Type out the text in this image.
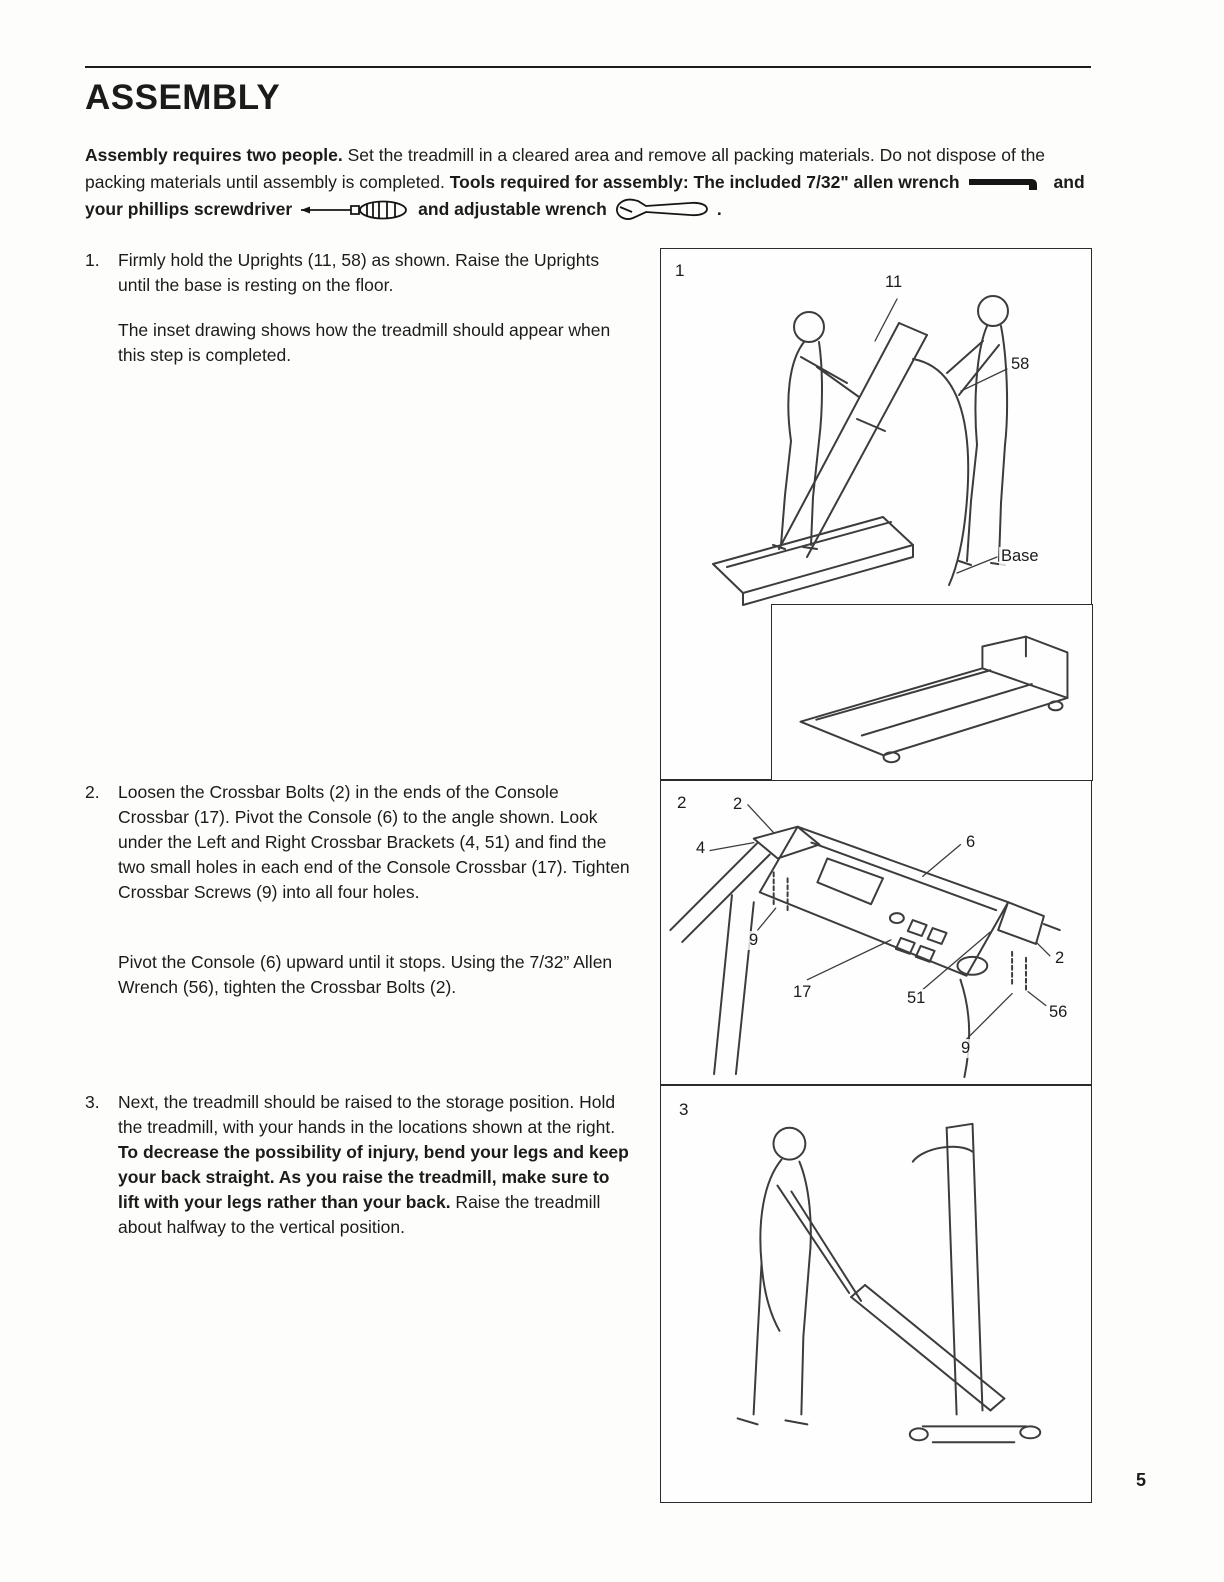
ASSEMBLY

Assembly requires two people. Set the treadmill in a cleared area and remove all packing materials. Do not dispose of the packing materials until assembly is completed. Tools required for assembly: The included 7/32" allen wrench	and your phillips screwdriver	and adjustable wrench	.

1.	Firmly hold the Uprights (11, 58) as shown. Raise the Uprights until the base is resting on the floor.

The inset drawing shows how the treadmill should appear when this step is completed.

2.	Loosen the Crossbar Bolts (2) in the ends of the Console Crossbar (17). Pivot the Console (6) to the angle shown. Look under the Left and Right Crossbar Brackets (4, 51) and find the two small holes in each end of the Console Crossbar (17). Tighten Crossbar Screws (9) into all four holes.

Pivot the Console (6) upward until it stops. Using the 7/32” Allen Wrench (56), tighten the Crossbar Bolts (2).

3.	Next, the treadmill should be raised to the storage position. Hold the treadmill, with your hands in the locations shown at the right. To decrease the possibility of injury, bend your legs and keep your back straight. As you raise the treadmill, make sure to lift with your legs rather than your back. Raise the treadmill about halfway to the vertical position.
1
11
58
Base
2	2
4	6
9
17	51
2
56
9
3
5
